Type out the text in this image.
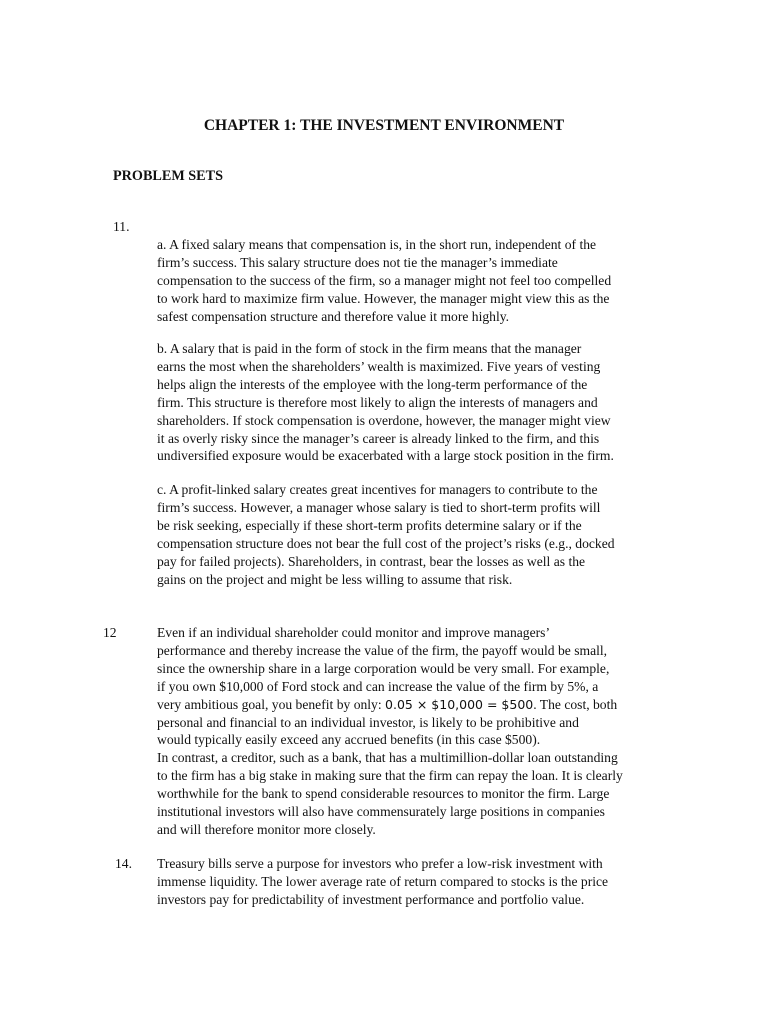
CHAPTER 1: THE INVESTMENT ENVIRONMENT
PROBLEM SETS
11.
a. A fixed salary means that compensation is, in the short run, independent of the
firm’s success. This salary structure does not tie the manager’s immediate
compensation to the success of the firm, so a manager might not feel too compelled
to work hard to maximize firm value. However, the manager might view this as the
safest compensation structure and therefore value it more highly.
b. A salary that is paid in the form of stock in the firm means that the manager
earns the most when the shareholders’ wealth is maximized. Five years of vesting
helps align the interests of the employee with the long-term performance of the
firm. This structure is therefore most likely to align the interests of managers and
shareholders. If stock compensation is overdone, however, the manager might view
it as overly risky since the manager’s career is already linked to the firm, and this
undiversified exposure would be exacerbated with a large stock position in the firm.
c. A profit-linked salary creates great incentives for managers to contribute to the
firm’s success. However, a manager whose salary is tied to short-term profits will
be risk seeking, especially if these short-term profits determine salary or if the
compensation structure does not bear the full cost of the project’s risks (e.g., docked
pay for failed projects). Shareholders, in contrast, bear the losses as well as the
gains on the project and might be less willing to assume that risk.
12	Even if an individual shareholder could monitor and improve managers’
performance and thereby increase the value of the firm, the payoff would be small,
since the ownership share in a large corporation would be very small. For example,
if you own $10,000 of Ford stock and can increase the value of the firm by 5%, a
very ambitious goal, you benefit by only: 0.05 × $10,000 = $500. The cost, both
personal and financial to an individual investor, is likely to be prohibitive and
would typically easily exceed any accrued benefits (in this case $500).
In contrast, a creditor, such as a bank, that has a multimillion-dollar loan outstanding
to the firm has a big stake in making sure that the firm can repay the loan. It is clearly
worthwhile for the bank to spend considerable resources to monitor the firm. Large
institutional investors will also have commensurately large positions in companies
and will therefore monitor more closely.
14. Treasury bills serve a purpose for investors who prefer a low-risk investment with
immense liquidity. The lower average rate of return compared to stocks is the price
investors pay for predictability of investment performance and portfolio value.
